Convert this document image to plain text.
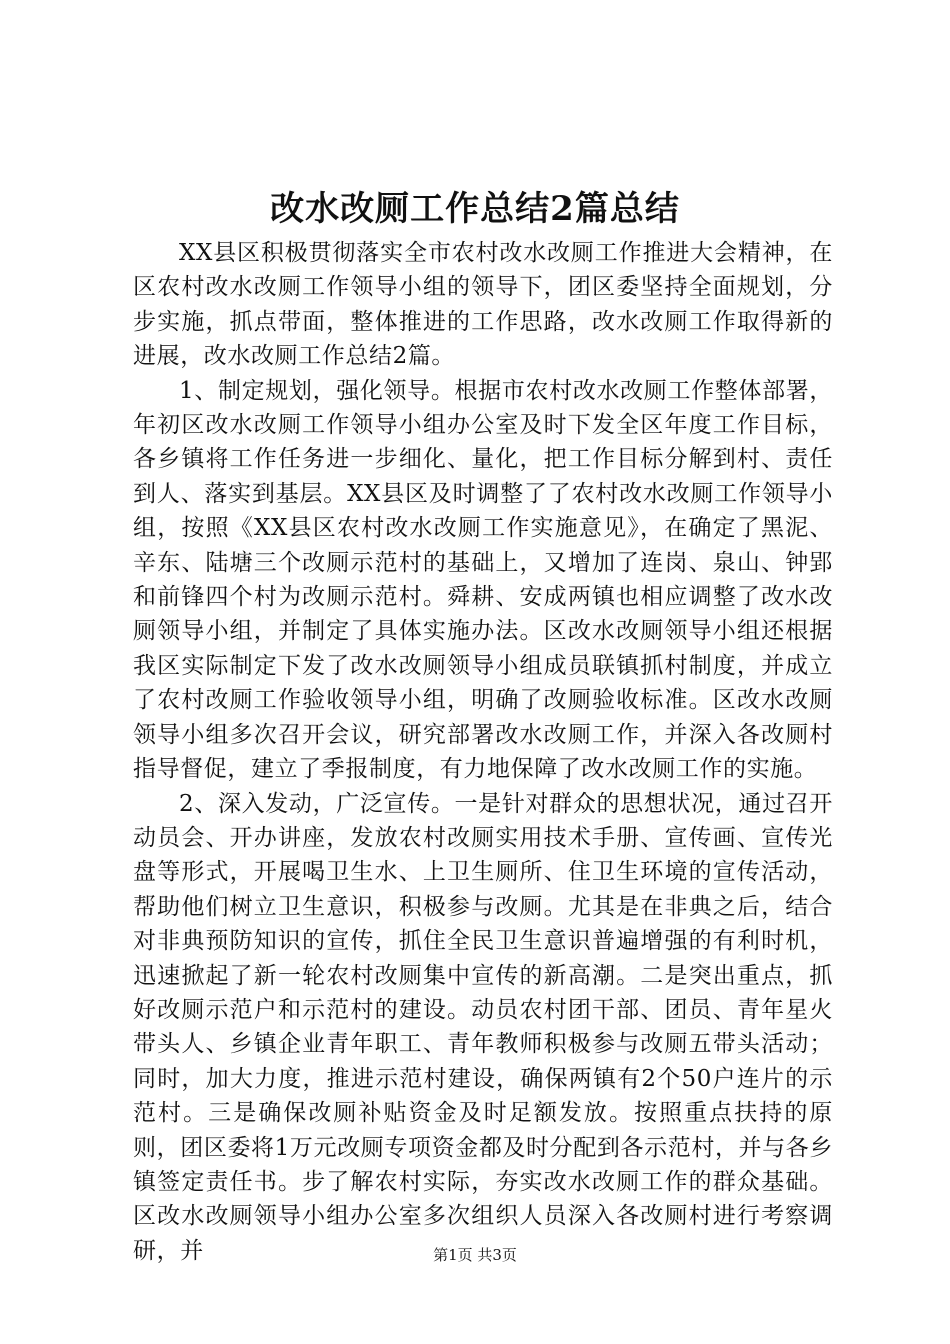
改水改厕工作总结2篇总结

XX县区积极贯彻落实全市农村改水改厕工作推进大会精神，在区农村改水改厕工作领导小组的领导下，团区委坚持全面规划，分步实施，抓点带面，整体推进的工作思路，改水改厕工作取得新的进展，改水改厕工作总结2篇。

1、制定规划，强化领导。根据市农村改水改厕工作整体部署，年初区改水改厕工作领导小组办公室及时下发全区年度工作目标，各乡镇将工作任务进一步细化、量化，把工作目标分解到村、责任到人、落实到基层。XX县区及时调整了了农村改水改厕工作领导小组，按照《XX县区农村改水改厕工作实施意见》，在确定了黑泥、辛东、陆塘三个改厕示范村的基础上，又增加了连岗、泉山、钟郢和前锋四个村为改厕示范村。舜耕、安成两镇也相应调整了改水改厕领导小组，并制定了具体实施办法。区改水改厕领导小组还根据我区实际制定下发了改水改厕领导小组成员联镇抓村制度，并成立了农村改厕工作验收领导小组，明确了改厕验收标准。区改水改厕领导小组多次召开会议，研究部署改水改厕工作，并深入各改厕村指导督促，建立了季报制度，有力地保障了改水改厕工作的实施。

2、深入发动，广泛宣传。一是针对群众的思想状况，通过召开动员会、开办讲座，发放农村改厕实用技术手册、宣传画、宣传光盘等形式，开展喝卫生水、上卫生厕所、住卫生环境的宣传活动，帮助他们树立卫生意识，积极参与改厕。尤其是在非典之后，结合对非典预防知识的宣传，抓住全民卫生意识普遍增强的有利时机，迅速掀起了新一轮农村改厕集中宣传的新高潮。二是突出重点，抓好改厕示范户和示范村的建设。动员农村团干部、团员、青年星火带头人、乡镇企业青年职工、青年教师积极参与改厕五带头活动；同时，加大力度，推进示范村建设，确保两镇有2个50户连片的示范村。三是确保改厕补贴资金及时足额发放。按照重点扶持的原则，团区委将1万元改厕专项资金都及时分配到各示范村，并与各乡镇签定责任书。步了解农村实际，夯实改水改厕工作的群众基础。区改水改厕领导小组办公室多次组织人员深入各改厕村进行考察调研，并	第1页 共3页
